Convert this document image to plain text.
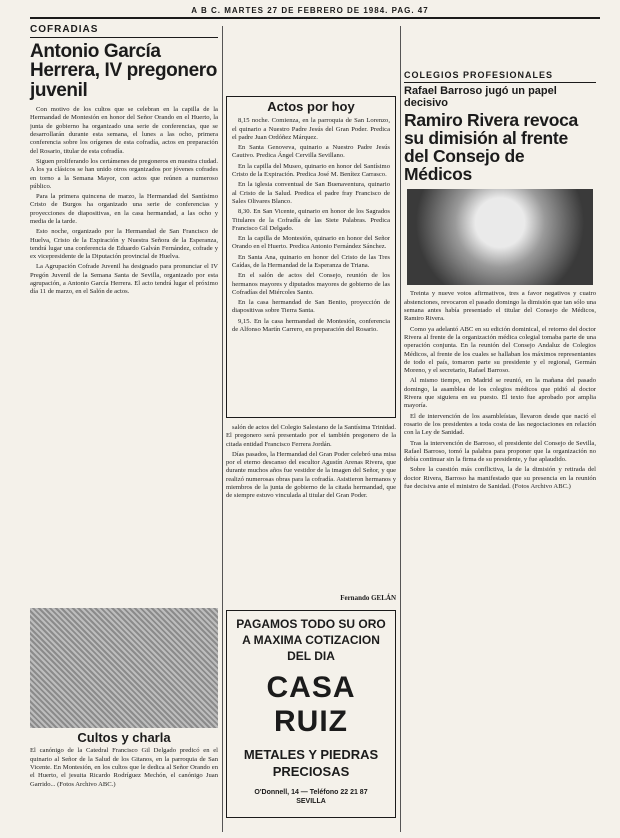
A B C. MARTES 27 DE FEBRERO DE 1984. PAG. 47
COFRADIAS
Antonio García Herrera, IV pregonero juvenil

Con motivo de los cultos que se celebran en la capilla de la Hermandad de Montesión en honor del Señor Orando en el Huerto, la junta de gobierno ha organizado una serie de conferencias, que se desarrollarán durante esta semana, el lunes a las ocho, primera conferencia sobre los orígenes de esta cofradía, actos en preparación del Rosario, titular de esta cofradía.

Siguen proliferando los certámenes de pregoneros en nuestra ciudad. A los ya clásicos se han unido otros organizados por jóvenes cofrades en torno a la Semana Mayor, con actos que reúnen a numeroso público.

Para la primera quincena de marzo, la Hermandad del Santísimo Cristo de Burgos ha organizado una serie de conferencias y proyecciones de diapositivas, en la casa hermandad, a las ocho y media de la tarde.

Esto noche, organizado por la Hermandad de San Francisco de Huelva, Cristo de la Expiración y Nuestra Señora de la Esperanza, tendrá lugar una conferencia de Eduardo Galván Fernández, cofrade y ex vicepresidente de la Diputación provincial de Huelva.

La Agrupación Cofrade Juvenil ha designado para pronunciar el IV Pregón Juvenil de la Semana Santa de Sevilla, organizado por esta agrupación, a Antonio García Herrera. El acto tendrá lugar el próximo día 11 de marzo, en el Salón de actos.

Cultos y charla
El canónigo de la Catedral Francisco Gil Delgado predicó en el quinario al Señor de la Salud de los Gitanos, en la parroquia de San Vicente. En Montesión, en los cultos que le dedica al Señor Orando en el Huerto, el jesuita Ricardo Rodríguez Mechón, el canónigo Juan Garrido... (Fotos Archivo ABC.)
Actos por hoy

8,15 noche. Comienza, en la parroquia de San Lorenzo, el quinario a Nuestro Padre Jesús del Gran Poder. Predica el padre Juan Ordóñez Márquez.

En Santa Genoveva, quinario a Nuestro Padre Jesús Cautivo. Predica Ángel Cervilla Sevillano.

En la capilla del Museo, quinario en honor del Santísimo Cristo de la Expiración. Predica José M. Benítez Carrasco.

En la iglesia conventual de San Buenaventura, quinario al Cristo de la Salud. Predica el padre fray Francisco de Sales Olivares Blanco.

8,30. En San Vicente, quinario en honor de los Sagrados Titulares de la Cofradía de las Siete Palabras. Predica Francisco Gil Delgado.

En la capilla de Montesión, quinario en honor del Señor Orando en el Huerto. Predica Antonio Fernández Sánchez.

En Santa Ana, quinario en honor del Cristo de las Tres Caídas, de la Hermandad de la Esperanza de Triana.

En el salón de actos del Consejo, reunión de los hermanos mayores y diputados mayores de gobierno de las Cofradías del Miércoles Santo.

En la casa hermandad de San Benito, proyección de diapositivas sobre Tierra Santa.

9,15. En la casa hermandad de Montesión, conferencia de Alfonso Martín Carrero, en preparación del Rosario.

salón de actos del Colegio Salesiano de la Santísima Trinidad. El pregonero será presentado por el también pregonero de la citada entidad Francisco Ferrera Jordán.

Días pasados, la Hermandad del Gran Poder celebró una misa por el eterno descanso del escultor Agustín Arenas Rivera, que durante muchos años fue vestidor de la imagen del Señor, y que realizó numerosas obras para la cofradía. Asistieron hermanos y miembros de la junta de gobierno de la citada hermandad, que de siempre estuvo vinculada al titular del Gran Poder.

Fernando GELÁN
PAGAMOS TODO SU ORO
A MAXIMA COTIZACION
DEL DIA
CASA RUIZ
METALES Y PIEDRAS
PRECIOSAS
O'Donnell, 14 — Teléfono 22 21 87
SEVILLA
COLEGIOS PROFESIONALES
Rafael Barroso jugó un papel decisivo
Ramiro Rivera revoca su dimisión al frente del Consejo de Médicos

Treinta y nueve votos afirmativos, tres a favor negativos y cuatro abstenciones, revocaron el pasado domingo la dimisión que tan sólo una semana antes había presentado el titular del Consejo de Médicos, Ramiro Rivera.

Como ya adelantó ABC en su edición dominical, el retorno del doctor Rivera al frente de la organización médica colegial tomaba parte de una operación conjunta. En la reunión del Consejo Andaluz de Colegios Médicos, al frente de los cuales se hallaban los máximos representantes de todo el país, tomaron parte su presidente y el regional, Germán Moreno, y el secretario, Rafael Barroso.

Al mismo tiempo, en Madrid se reunió, en la mañana del pasado domingo, la asamblea de los colegios médicos que pidió al doctor Rivera que siguiera en su puesto. El texto fue aprobado por amplia mayoría.

El de intervención de los asambleístas, llevaron desde que nació el rosario de los presidentes a toda costa de las negociaciones en relación con la Ley de Sanidad.

Tras la intervención de Barroso, el presidente del Consejo de Sevilla, Rafael Barroso, tomó la palabra para proponer que la organización no debía continuar sin la firma de su presidente, y fue aplaudido.

Sobre la cuestión más conflictiva, la de la dimisión y retirada del doctor Rivera, Barroso ha manifestado que su presencia en la reunión fue decisiva ante el ministro de Sanidad. (Fotos Archivo ABC.)
